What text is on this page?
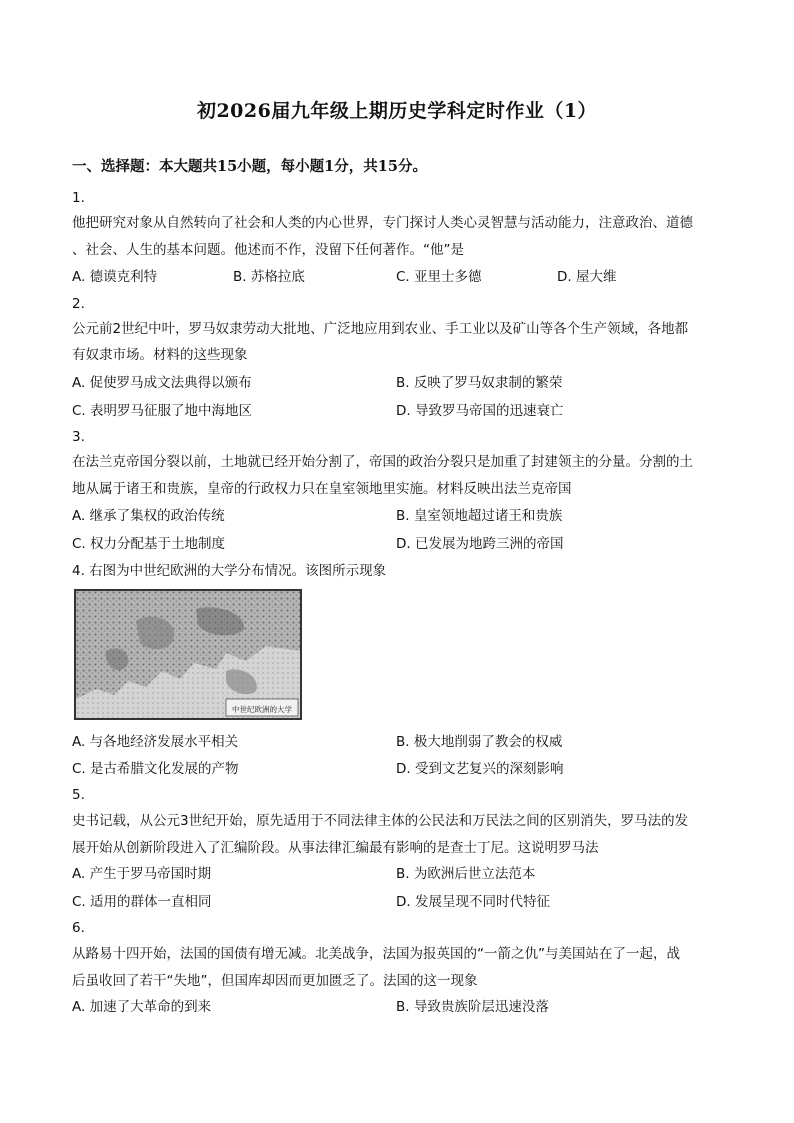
初2026届九年级上期历史学科定时作业（1）
一、选择题：本大题共15小题，每小题1分，共15分。
1.
他把研究对象从自然转向了社会和人类的内心世界，专门探讨人类心灵智慧与活动能力，注意政治、道德
、社会、人生的基本问题。他述而不作，没留下任何著作。“他”是
A. 德谟克利特	B. 苏格拉底	C. 亚里士多德	D. 屋大维
2.
公元前2世纪中叶，罗马奴隶劳动大批地、广泛地应用到农业、手工业以及矿山等各个生产领域，各地都
有奴隶市场。材料的这些现象
A. 促使罗马成文法典得以颁布	B. 反映了罗马奴隶制的繁荣
C. 表明罗马征服了地中海地区	D. 导致罗马帝国的迅速衰亡
3.
在法兰克帝国分裂以前，土地就已经开始分割了，帝国的政治分裂只是加重了封建领主的分量。分割的土
地从属于诸王和贵族，皇帝的行政权力只在皇室领地里实施。材料反映出法兰克帝国
A. 继承了集权的政治传统	B. 皇室领地超过诸王和贵族
C. 权力分配基于土地制度	D. 已发展为地跨三洲的帝国
4. 右图为中世纪欧洲的大学分布情况。该图所示现象
中世纪欧洲的大学
A. 与各地经济发展水平相关	B. 极大地削弱了教会的权威
C. 是古希腊文化发展的产物	D. 受到文艺复兴的深刻影响
5.
史书记载，从公元3世纪开始，原先适用于不同法律主体的公民法和万民法之间的区别消失，罗马法的发
展开始从创新阶段进入了汇编阶段。从事法律汇编最有影响的是查士丁尼。这说明罗马法
A. 产生于罗马帝国时期	B. 为欧洲后世立法范本
C. 适用的群体一直相同	D. 发展呈现不同时代特征
6.
从路易十四开始，法国的国债有增无减。北美战争，法国为报英国的“一箭之仇”与美国站在了一起，战
后虽收回了若干“失地”，但国库却因而更加匮乏了。法国的这一现象
A. 加速了大革命的到来	B. 导致贵族阶层迅速没落
